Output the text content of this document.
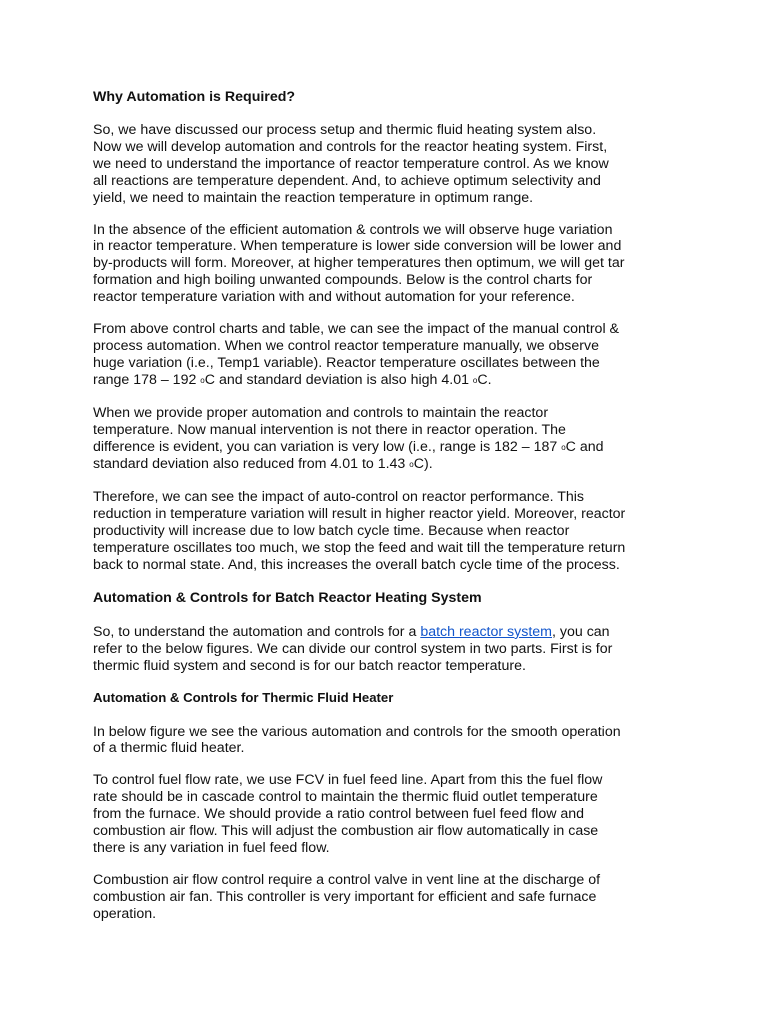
Why Automation is Required?
So, we have discussed our process setup and thermic fluid heating system also.
Now we will develop automation and controls for the reactor heating system. First,
we need to understand the importance of reactor temperature control. As we know
all reactions are temperature dependent. And, to achieve optimum selectivity and
yield, we need to maintain the reaction temperature in optimum range.
In the absence of the efficient automation & controls we will observe huge variation
in reactor temperature. When temperature is lower side conversion will be lower and
by-products will form. Moreover, at higher temperatures then optimum, we will get tar
formation and high boiling unwanted compounds. Below is the control charts for
reactor temperature variation with and without automation for your reference.
From above control charts and table, we can see the impact of the manual control &
process automation. When we control reactor temperature manually, we observe
huge variation (i.e., Temp1 variable). Reactor temperature oscillates between the
range 178 – 192 oC and standard deviation is also high 4.01 oC.
When we provide proper automation and controls to maintain the reactor
temperature. Now manual intervention is not there in reactor operation. The
difference is evident, you can variation is very low (i.e., range is 182 – 187 oC and
standard deviation also reduced from 4.01 to 1.43 oC).
Therefore, we can see the impact of auto-control on reactor performance. This
reduction in temperature variation will result in higher reactor yield. Moreover, reactor
productivity will increase due to low batch cycle time. Because when reactor
temperature oscillates too much, we stop the feed and wait till the temperature return
back to normal state. And, this increases the overall batch cycle time of the process.
Automation & Controls for Batch Reactor Heating System
So, to understand the automation and controls for a batch reactor system, you can
refer to the below figures. We can divide our control system in two parts. First is for
thermic fluid system and second is for our batch reactor temperature.
Automation & Controls for Thermic Fluid Heater
In below figure we see the various automation and controls for the smooth operation
of a thermic fluid heater.
To control fuel flow rate, we use FCV in fuel feed line. Apart from this the fuel flow
rate should be in cascade control to maintain the thermic fluid outlet temperature
from the furnace. We should provide a ratio control between fuel feed flow and
combustion air flow. This will adjust the combustion air flow automatically in case
there is any variation in fuel feed flow.
Combustion air flow control require a control valve in vent line at the discharge of
combustion air fan. This controller is very important for efficient and safe furnace
operation.
